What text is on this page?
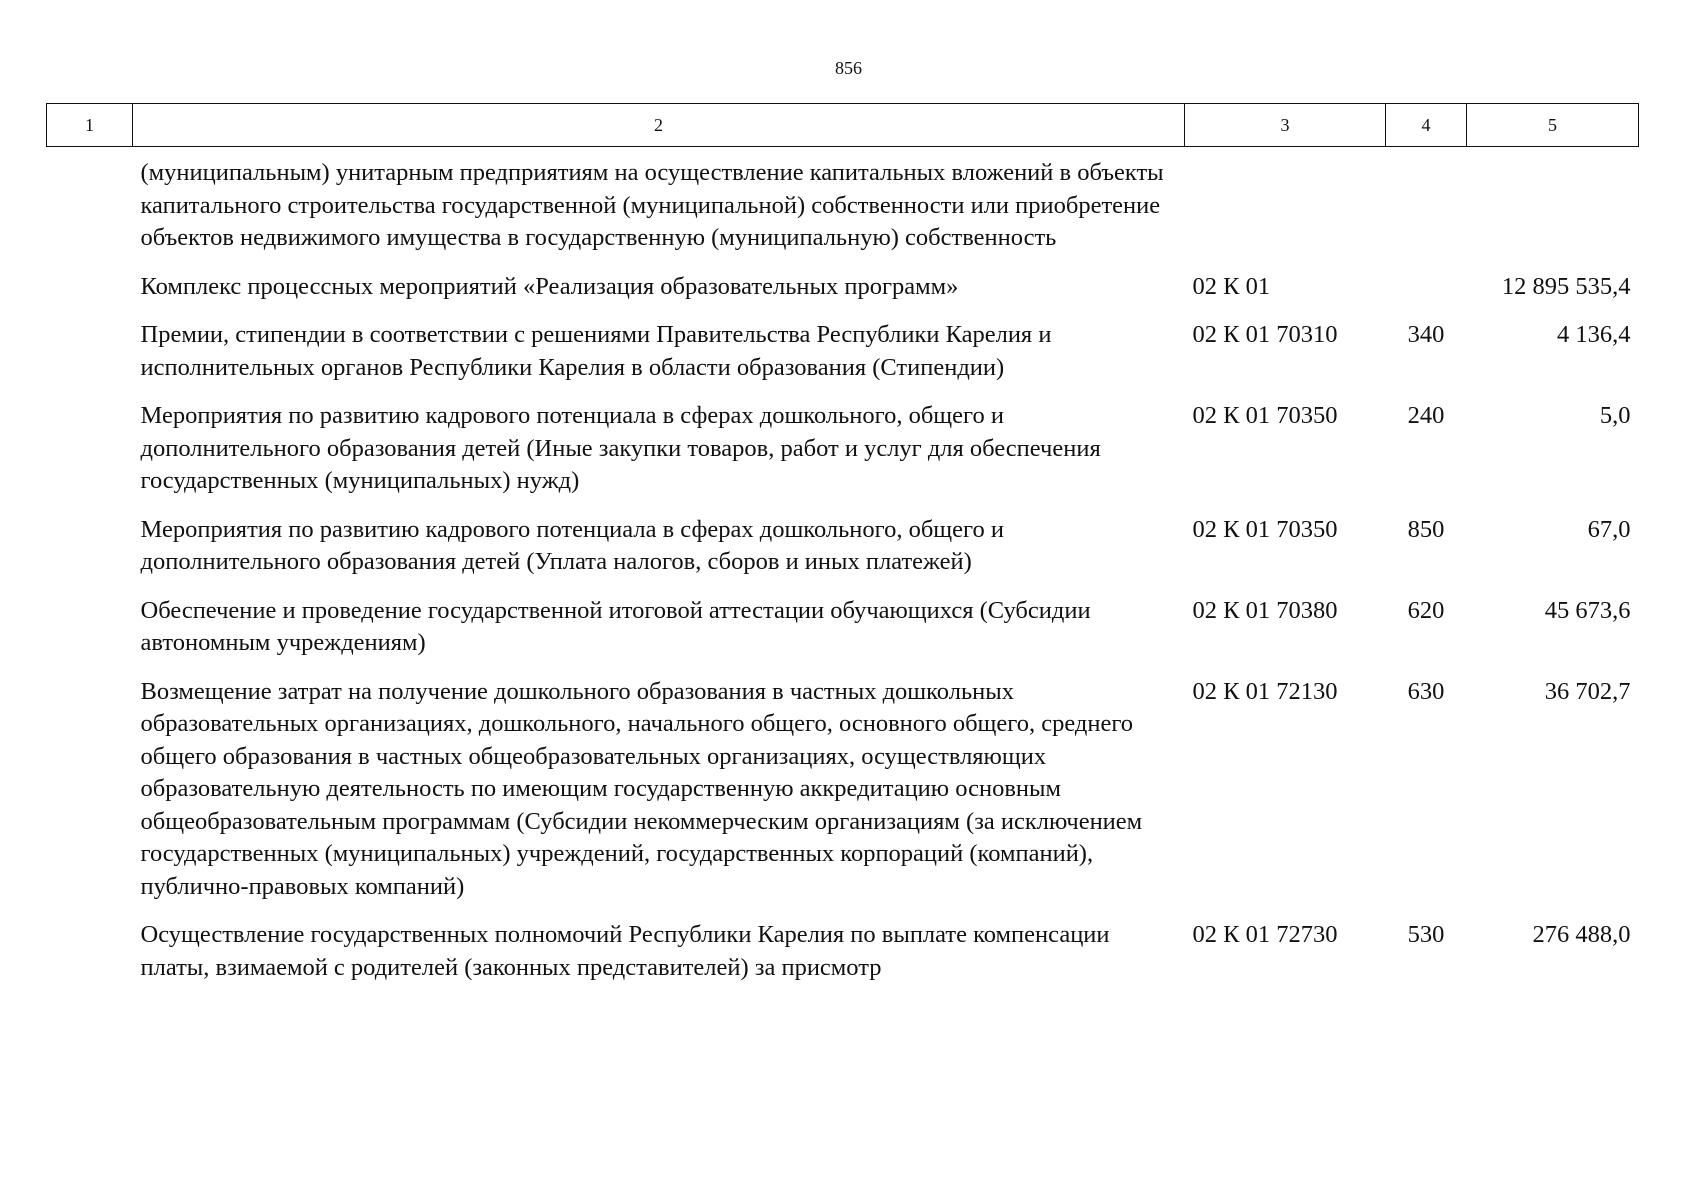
856
1	2	3	4	5
	(муниципальным) унитарным предприятиям на осуществление капитальных вложений в объекты капитального строительства государственной (муниципальной) собственности или приобретение объектов недвижимого имущества в государственную (муниципальную) собственность			
	Комплекс процессных мероприятий «Реализация образовательных программ»	02 К 01		12 895 535,4
	Премии, стипендии в соответствии с решениями Правительства Республики Карелия и исполнительных органов Республики Карелия в области образования (Стипендии)	02 К 01 70310	340	4 136,4
	Мероприятия по развитию кадрового потенциала в сферах дошкольного, общего и дополнительного образования детей (Иные закупки товаров, работ и услуг для обеспечения государственных (муниципальных) нужд)	02 К 01 70350	240	5,0
	Мероприятия по развитию кадрового потенциала в сферах дошкольного, общего и дополнительного образования детей (Уплата налогов, сборов и иных платежей)	02 К 01 70350	850	67,0
	Обеспечение и проведение государственной итоговой аттестации обучающихся (Субсидии автономным учреждениям)	02 К 01 70380	620	45 673,6
	Возмещение затрат на получение дошкольного образования в частных дошкольных образовательных организациях, дошкольного, начального общего, основного общего, среднего общего образования в частных общеобразовательных организациях, осуществляющих образовательную деятельность по имеющим государственную аккредитацию основным общеобразовательным программам (Субсидии некоммерческим организациям (за исключением государственных (муниципальных) учреждений, государственных корпораций (компаний), публично-правовых компаний)	02 К 01 72130	630	36 702,7
	Осуществление государственных полномочий Республики Карелия по выплате компенсации платы, взимаемой с родителей (законных представителей) за присмотр	02 К 01 72730	530	276 488,0
